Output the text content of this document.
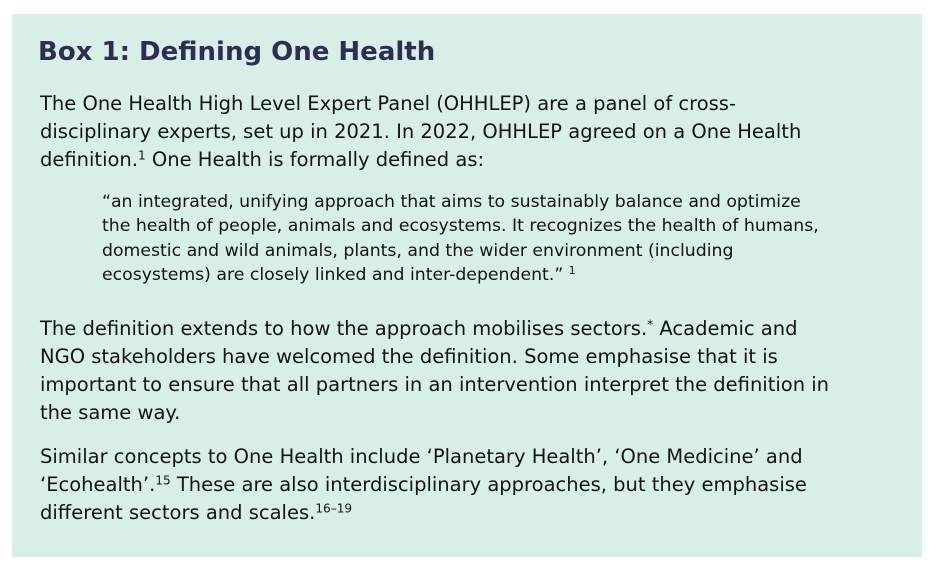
Box 1: Defining One Health

The One Health High Level Expert Panel (OHHLEP) are a panel of cross-
disciplinary experts, set up in 2021. In 2022, OHHLEP agreed on a One Health
definition.$^1$ One Health is formally defined as:

“an integrated, unifying approach that aims to sustainably balance and optimize
the health of people, animals and ecosystems. It recognizes the health of humans,
domestic and wild animals, plants, and the wider environment (including
ecosystems) are closely linked and inter-dependent.” $^1$

The definition extends to how the approach mobilises sectors.* Academic and
NGO stakeholders have welcomed the definition. Some emphasise that it is
important to ensure that all partners in an intervention interpret the definition in
the same way.

Similar concepts to One Health include ‘Planetary Health’, ‘One Medicine’ and
‘Ecohealth’.$^{15}$ These are also interdisciplinary approaches, but they emphasise
different sectors and scales.$^{16-19}$
